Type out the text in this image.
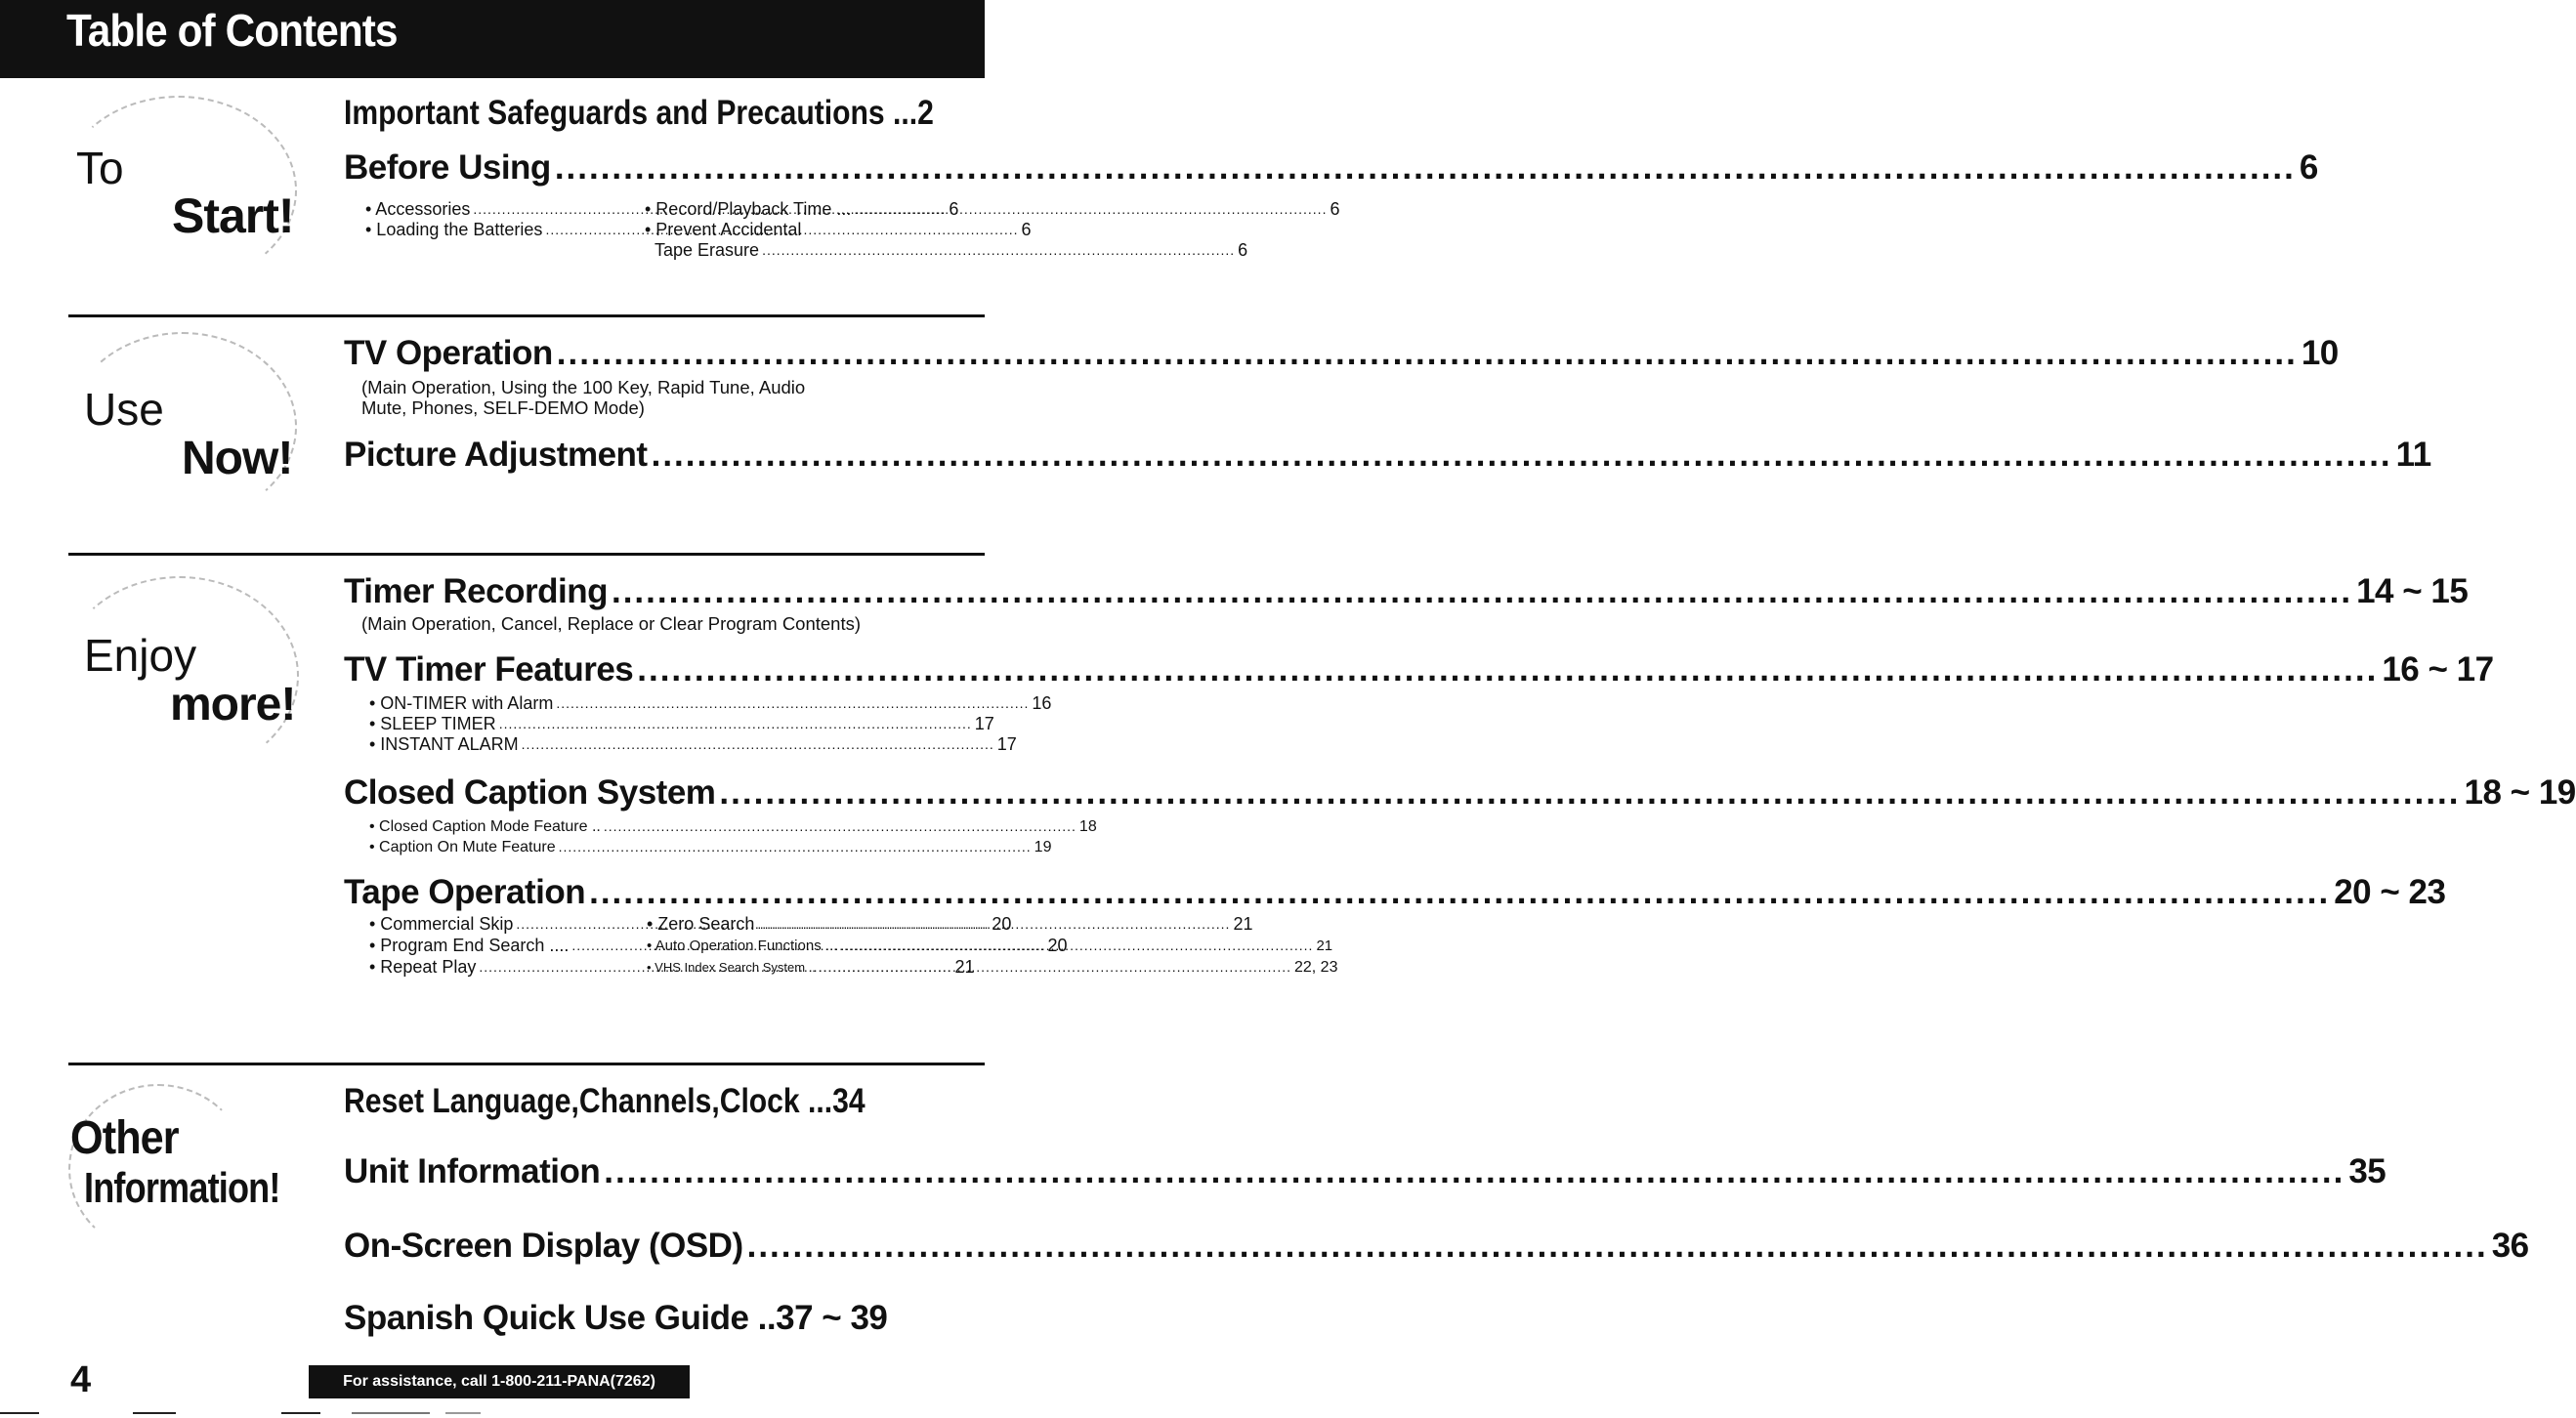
Table of Contents
To
Start!
Use
Now!
Enjoy
more!
Other
Information!
Important Safeguards and Precautions ... 2
Before Using .....	6
• Accessories .....	6
• Loading the Batteries .....	6
• Record/Playback Time ... .....	6
• Prevent Accidental
Tape Erasure .....	6
TV Operation .....	10
(Main Operation, Using the 100 Key, Rapid Tune, Audio
Mute, Phones, SELF-DEMO Mode)
Picture Adjustment .....	11
Timer Recording .....	14 ~ 15
(Main Operation, Cancel, Replace or Clear Program Contents)
TV Timer Features .....	16 ~ 17
• ON-TIMER with Alarm .....	16
• SLEEP TIMER .....	17
• INSTANT ALARM .....	17
Closed Caption System .....	18 ~ 19
• Closed Caption Mode Feature .. .....	18
• Caption On Mute Feature .....	19
Tape Operation .....	20 ~ 23
• Commercial Skip .....	20
• Program End Search .... .....	20
• Repeat Play .....	21
• Zero Search .....	21
• Auto Operation Functions ... .....	21
• VHS Index Search System .. .....	22, 23
Reset Language,Channels,Clock ... 34
Unit Information .....	35
On-Screen Display (OSD) .....	36
Spanish Quick Use Guide .. 37 ~ 39
4	For assistance, call 1-800-211-PANA(7262)
